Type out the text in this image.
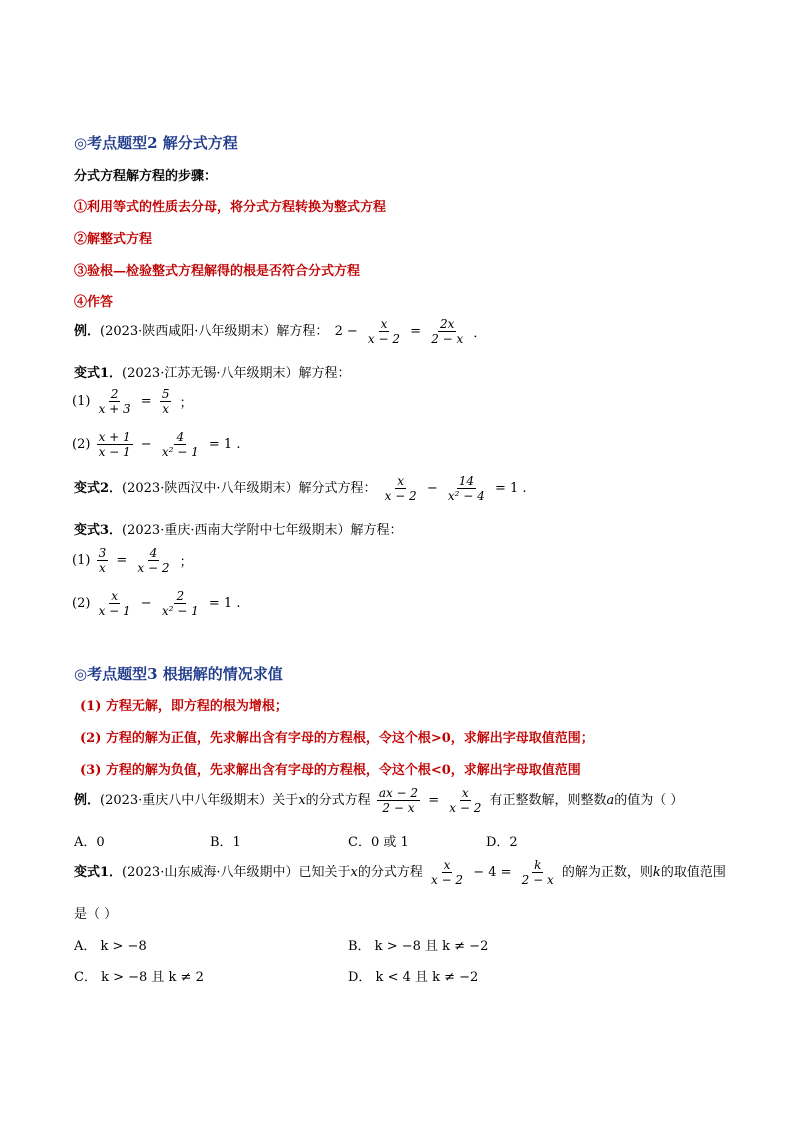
◎考点题型2 解分式方程
分式方程解方程的步骤：
①利用等式的性质去分母，将分式方程转换为整式方程
②解整式方程
③验根—检验整式方程解得的根是否符合分式方程
④作答
例．(2023·陕西咸阳·八年级期末）解方程： $2 - \frac{x}{x - 2} = \frac{2x}{2 - x}$ ．
变式1．(2023·江苏无锡·八年级期末）解方程：
$(1) \frac{2}{x + 3} = \frac{5}{x}$ ；
$(2) \frac{x + 1}{x - 1} - \frac{4}{\text{x² − 1}} = 1$ .
变式2．(2023·陕西汉中·八年级期末）解分式方程： $\frac{x}{x - 2} - \frac{14}{\text{x² − 4}} = 1$ .
变式3．(2023·重庆·西南大学附中七年级期末）解方程：
$(1) \frac{3}{x} = \frac{4}{x - 2}$ ；
$(2) \frac{x}{x - 1} - \frac{2}{\text{x² − 1}} = 1$ .
◎考点题型3 根据解的情况求值
(1) 方程无解，即方程的根为增根；
(2) 方程的解为正值，先求解出含有字母的方程根，令这个根>0，求解出字母取值范围；
(3) 方程的解为负值，先求解出含有字母的方程根，令这个根<0，求解出字母取值范围
例．(2023·重庆八中八年级期末）关于x的分式方程 $\frac{ax - 2}{2 - x} = \frac{x}{x - 2}$ 有正整数解，则整数a的值为（ ）
A．0	B．1	C．0 或 1	D．2
变式1．(2023·山东威海·八年级期中）已知关于x的分式方程 $\frac{x}{x - 2} - 4 = \frac{k}{2 - x}$ 的解为正数，则k的取值范围
是（ ）
A． k > −8	B． k > −8 且 k ≠ −2
C． k > −8 且 k ≠ 2	D． k < 4 且 k ≠ −2
